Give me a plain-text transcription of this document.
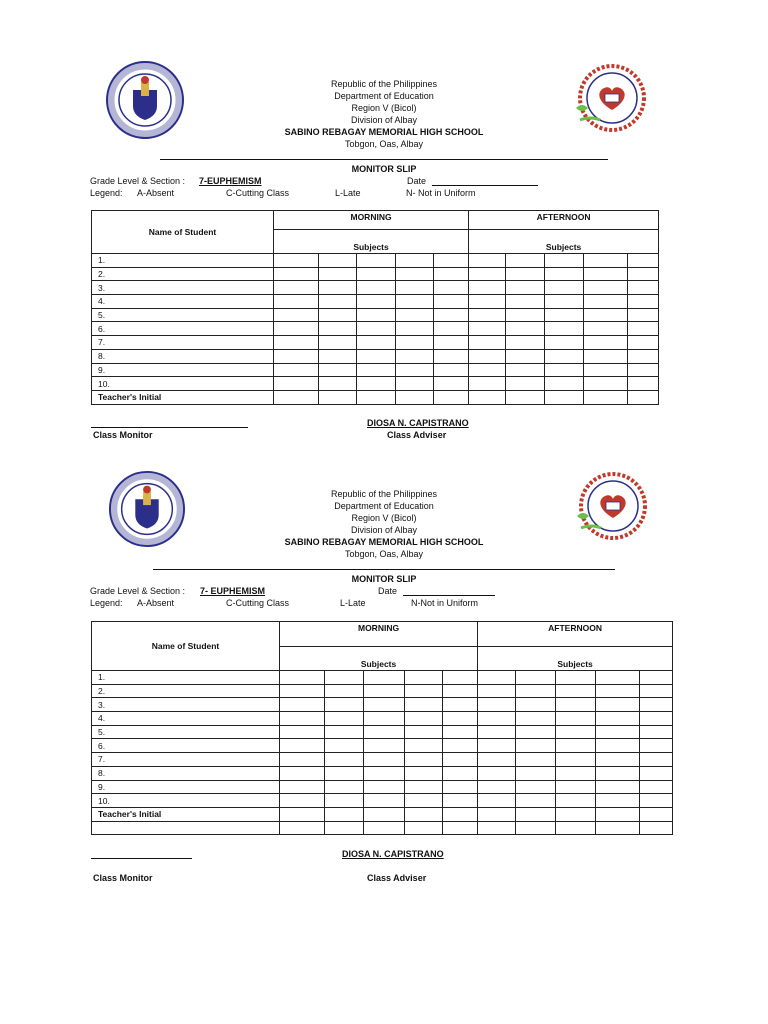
Republic of the Philippines
Department of Education
Region V (Bicol)
Division of Albay
SABINO REBAGAY MEMORIAL HIGH SCHOOL
Tobgon, Oas, Albay
MONITOR SLIP
Grade Level & Section : 7-EUPHEMISM	Date
Legend: A-Absent	C-Cutting Class	L-Late	N- Not in Uniform
Name of Student	MORNING					AFTERNOON				
	Subjects					Subjects				
1.										
2.										
3.										
4.										
5.										
6.										
7.										
8.										
9.										
10.										
Teacher's Initial										
Class Monitor
DIOSA N. CAPISTRANO
Class Adviser
Republic of the Philippines
Department of Education
Region V (Bicol)
Division of Albay
SABINO REBAGAY MEMORIAL HIGH SCHOOL
Tobgon, Oas, Albay
MONITOR SLIP
Grade Level & Section : 7- EUPHEMISM	Date
Legend: A-Absent	C-Cutting Class	L-Late	N-Not in Uniform
Name of Student	MORNING					AFTERNOON				
	Subjects					Subjects				
1.										
2.										
3.										
4.										
5.										
6.										
7.										
8.										
9.										
10.										
Teacher's Initial										

Class Monitor
DIOSA N. CAPISTRANO
Class Adviser
